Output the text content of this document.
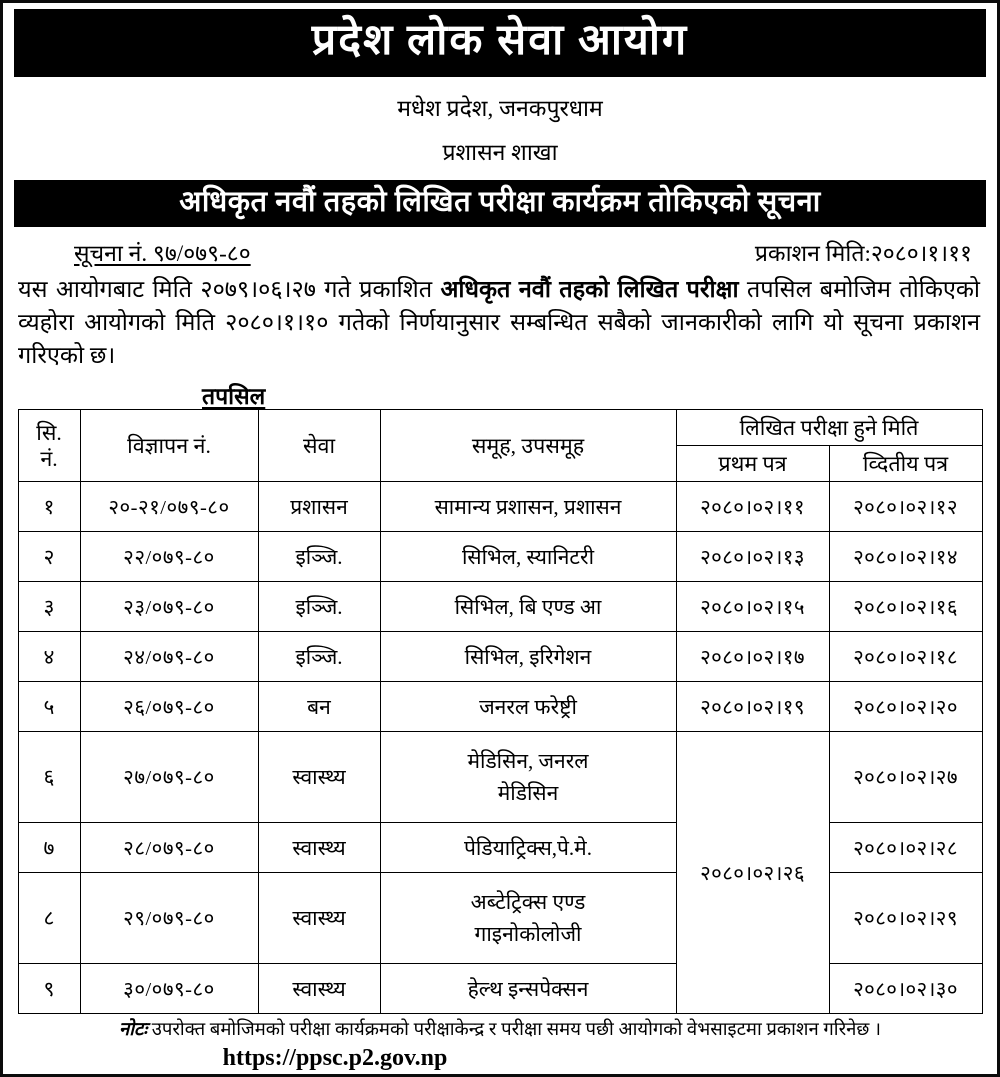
प्रदेश लोक सेवा आयोग
मधेश प्रदेश, जनकपुरधाम
प्रशासन शाखा
अधिकृत नवौं तहको लिखित परीक्षा कार्यक्रम तोकिएको सूचना
सूचना नं. ९७/०७९-८०	प्रकाशन मिति:२०८०।१।११
यस आयोगबाट मिति २०७९।०६।२७ गते प्रकाशित अधिकृत नवौं तहको लिखित परीक्षा तपसिल बमोजिम तोकिएको व्यहोरा आयोगको मिति २०८०।१।१० गतेको निर्णयानुसार सम्बन्धित सबैको जानकारीको लागि यो सूचना प्रकाशन गरिएको छ।
तपसिल
सि.
नं.	विज्ञापन नं.	सेवा	समूह, उपसमूह	लिखित परीक्षा हुने मिति	
				प्रथम पत्र	व्दितीय पत्र
१	२०-२१/०७९-८०	प्रशासन	सामान्य प्रशासन, प्रशासन	२०८०।०२।११	२०८०।०२।१२
२	२२/०७९-८०	इञ्जि.	सिभिल, स्यानिटरी	२०८०।०२।१३	२०८०।०२।१४
३	२३/०७९-८०	इञ्जि.	सिभिल, बि एण्ड आ	२०८०।०२।१५	२०८०।०२।१६
४	२४/०७९-८०	इञ्जि.	सिभिल, इरिगेशन	२०८०।०२।१७	२०८०।०२।१८
५	२६/०७९-८०	बन	जनरल फरेष्ट्री	२०८०।०२।१९	२०८०।०२।२०
६	२७/०७९-८०	स्वास्थ्य	मेडिसिन, जनरल
मेडिसिन	२०८०।०२।२६	२०८०।०२।२७
७	२८/०७९-८०	स्वास्थ्य	पेडियाट्रिक्स,पे.मे.		२०८०।०२।२८
८	२९/०७९-८०	स्वास्थ्य	अब्टेट्रिक्स एण्ड
गाइनोकोलोजी		२०८०।०२।२९
९	३०/०७९-८०	स्वास्थ्य	हेल्थ इन्सपेक्सन		२०८०।०२।३०
नोटः उपरोक्त बमोजिमको परीक्षा कार्यक्रमको परीक्षाकेन्द्र र परीक्षा समय पछी आयोगको वेभसाइटमा प्रकाशन गरिनेछ ।
https://ppsc.p2.gov.np
